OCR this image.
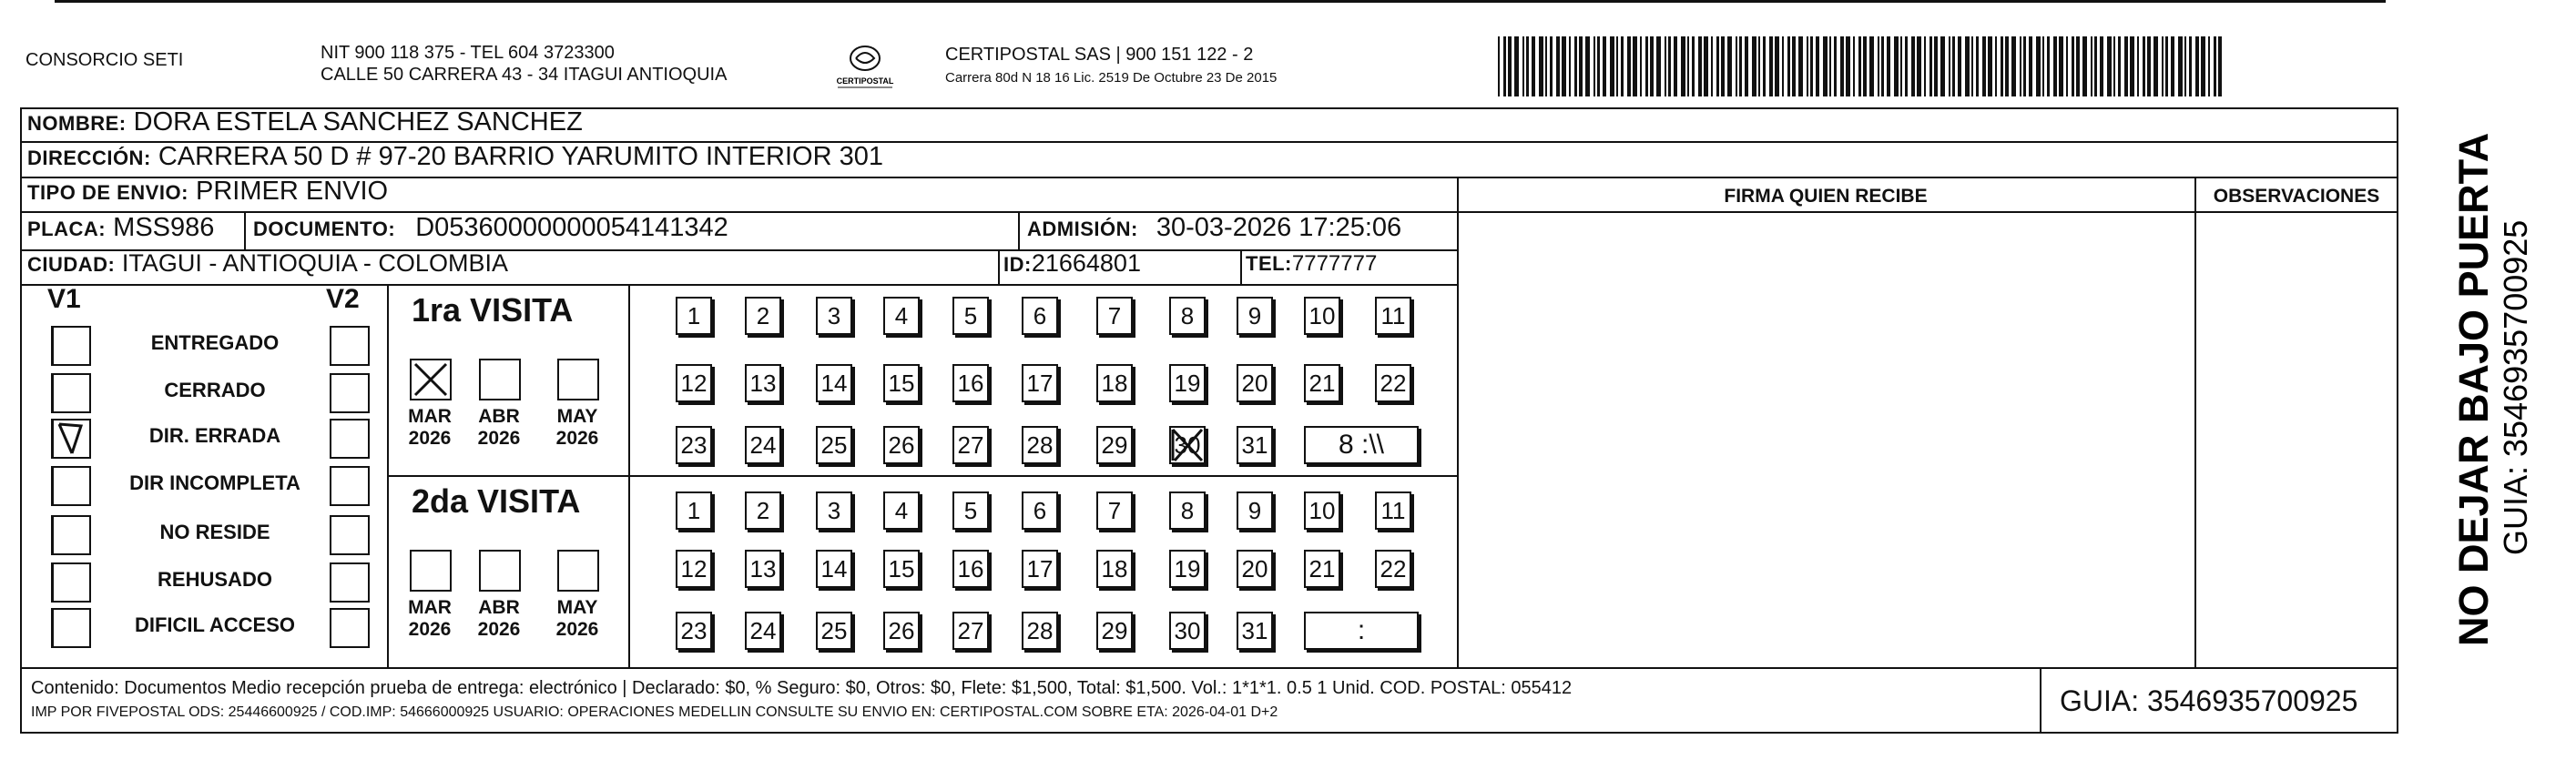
CONSORCIO SETI	NIT 900 118 375 - TEL 604 3723300
CALLE 50 CARRERA 43 - 34 ITAGUI ANTIOQUIA	CERTIPOSTAL
CERTIPOSTAL SAS | 900 151 122 - 2
Carrera 80d N 18 16 Lic. 2519 De Octubre 23 De 2015
NOMBRE: DORA ESTELA SANCHEZ SANCHEZ
DIRECCIÓN: CARRERA 50 D # 97-20 BARRIO YARUMITO INTERIOR 301
TIPO DE ENVIO: PRIMER ENVIO
PLACA: MSS986 DOCUMENTO: D05360000000054141342	ADMISIÓN: 30-03-2026 17:25:06
CIUDAD: ITAGUI - ANTIOQUIA - COLOMBIA	ID:21664801	TEL:7777777
FIRMA QUIEN RECIBE	OBSERVACIONES
V1	V2
ENTREGADO
CERRADO
DIR. ERRADA
DIR INCOMPLETA
NO RESIDE
REHUSADO
DIFICIL ACCESO
1ra VISITA
2da VISITA
MAR
2026
ABR
2026
MAY
2026
MAR
2026
ABR
2026
MAY
2026
1	2	3	4	5	6	7	8	9	10 11
12 13 14 15 16 17 18 19 20 21 22
23 24 25 26 27 28 29 30 31	8 :\\
1	2	3	4	5	6	7	8	9	10 11
12 13 14 15 16 17 18 19 20 21 22
23 24 25 26 27 28 29 30 31	:
Contenido: Documentos Medio recepción prueba de entrega: electrónico | Declarado: $0, % Seguro: $0, Otros: $0, Flete: $1,500, Total: $1,500. Vol.: 1*1*1. 0.5 1 Unid. COD. POSTAL: 055412
IMP POR FIVEPOSTAL ODS: 25446600925 / COD.IMP: 54666000925 USUARIO: OPERACIONES MEDELLIN CONSULTE SU ENVIO EN: CERTIPOSTAL.COM SOBRE ETA: 2026-04-01 D+2	GUIA: 3546935700925
NO DEJAR BAJO PUERTA GUIA: 3546935700925
